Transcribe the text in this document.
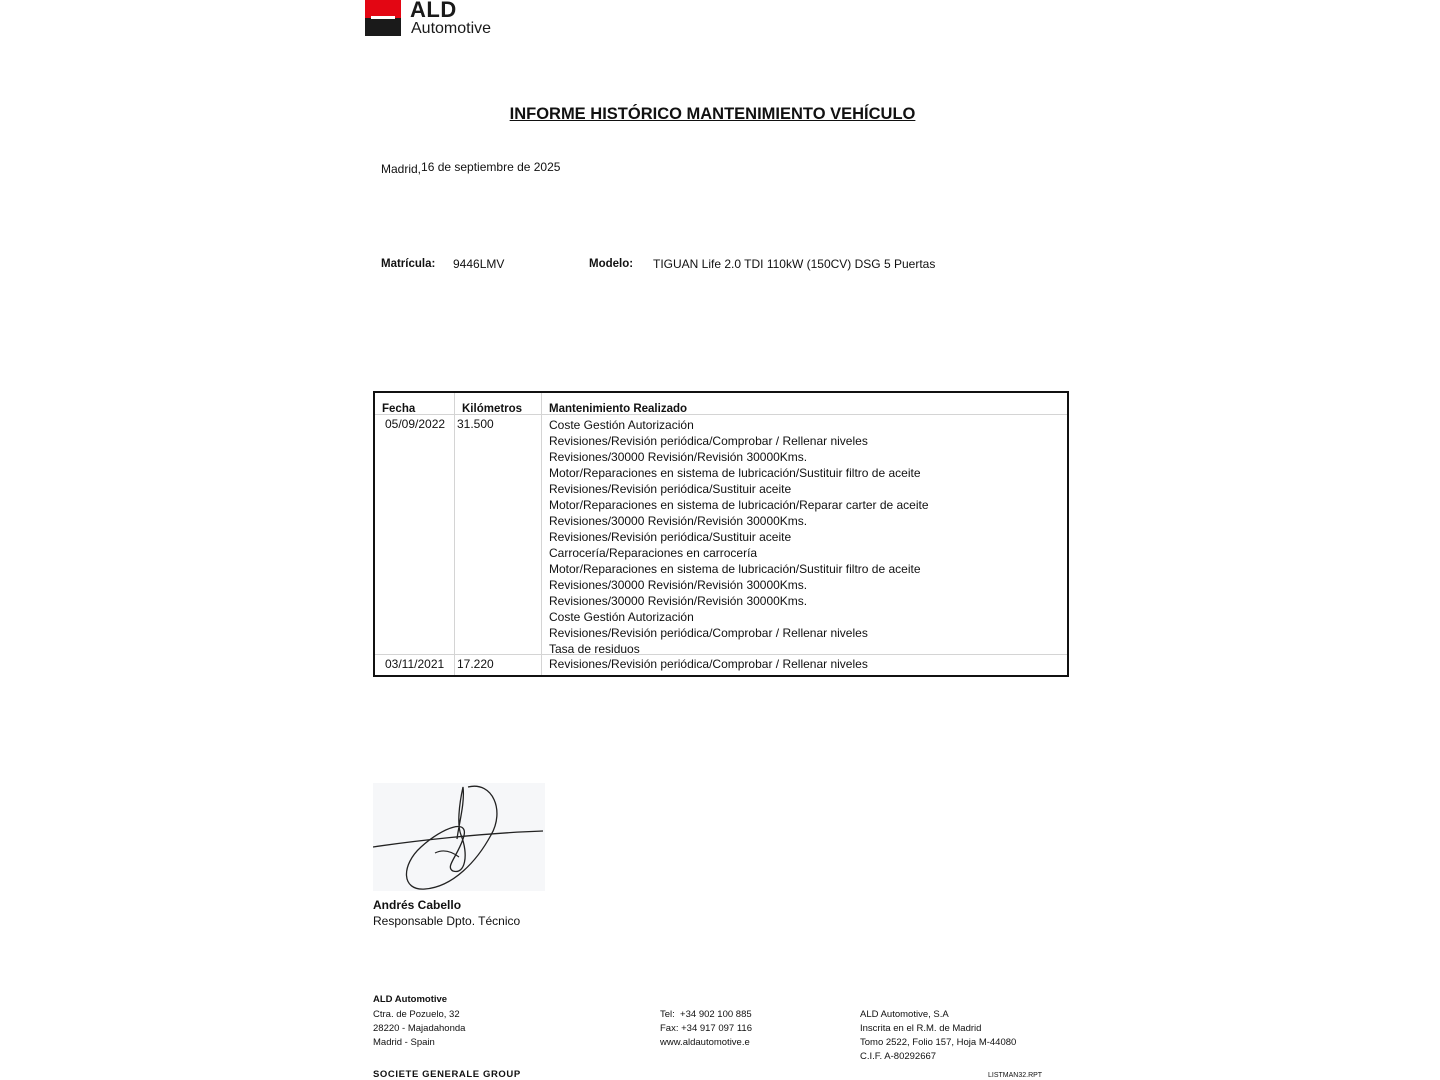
ALD
Automotive
INFORME HISTÓRICO MANTENIMIENTO VEHÍCULO
Madrid,16 de septiembre de 2025
Matrícula: 9446LMV	Modelo: TIGUAN Life 2.0 TDI 110kW (150CV) DSG 5 Puertas
Fecha	Kilómetros Mantenimiento Realizado
05/09/2022 31.500	Coste Gestión Autorización
Revisiones/Revisión periódica/Comprobar / Rellenar niveles
Revisiones/30000 Revisión/Revisión 30000Kms.
Motor/Reparaciones en sistema de lubricación/Sustituir filtro de aceite
Revisiones/Revisión periódica/Sustituir aceite
Motor/Reparaciones en sistema de lubricación/Reparar carter de aceite
Revisiones/30000 Revisión/Revisión 30000Kms.
Revisiones/Revisión periódica/Sustituir aceite
Carrocería/Reparaciones en carrocería
Motor/Reparaciones en sistema de lubricación/Sustituir filtro de aceite
Revisiones/30000 Revisión/Revisión 30000Kms.
Revisiones/30000 Revisión/Revisión 30000Kms.
Coste Gestión Autorización
Revisiones/Revisión periódica/Comprobar / Rellenar niveles
Tasa de residuos
03/11/2021 17.220	Revisiones/Revisión periódica/Comprobar / Rellenar niveles
Andrés Cabello
Responsable Dpto. Técnico
ALD Automotive
Ctra. de Pozuelo, 32
28220 - Majadahonda
Madrid - Spain
Tel:  +34 902 100 885
Fax: +34 917 097 116
www.aldautomotive.e
ALD Automotive, S.A
Inscrita en el R.M. de Madrid
Tomo 2522, Folio 157, Hoja M-44080
C.I.F. A-80292667
SOCIETE GENERALE GROUP	LISTMAN32.RPT
